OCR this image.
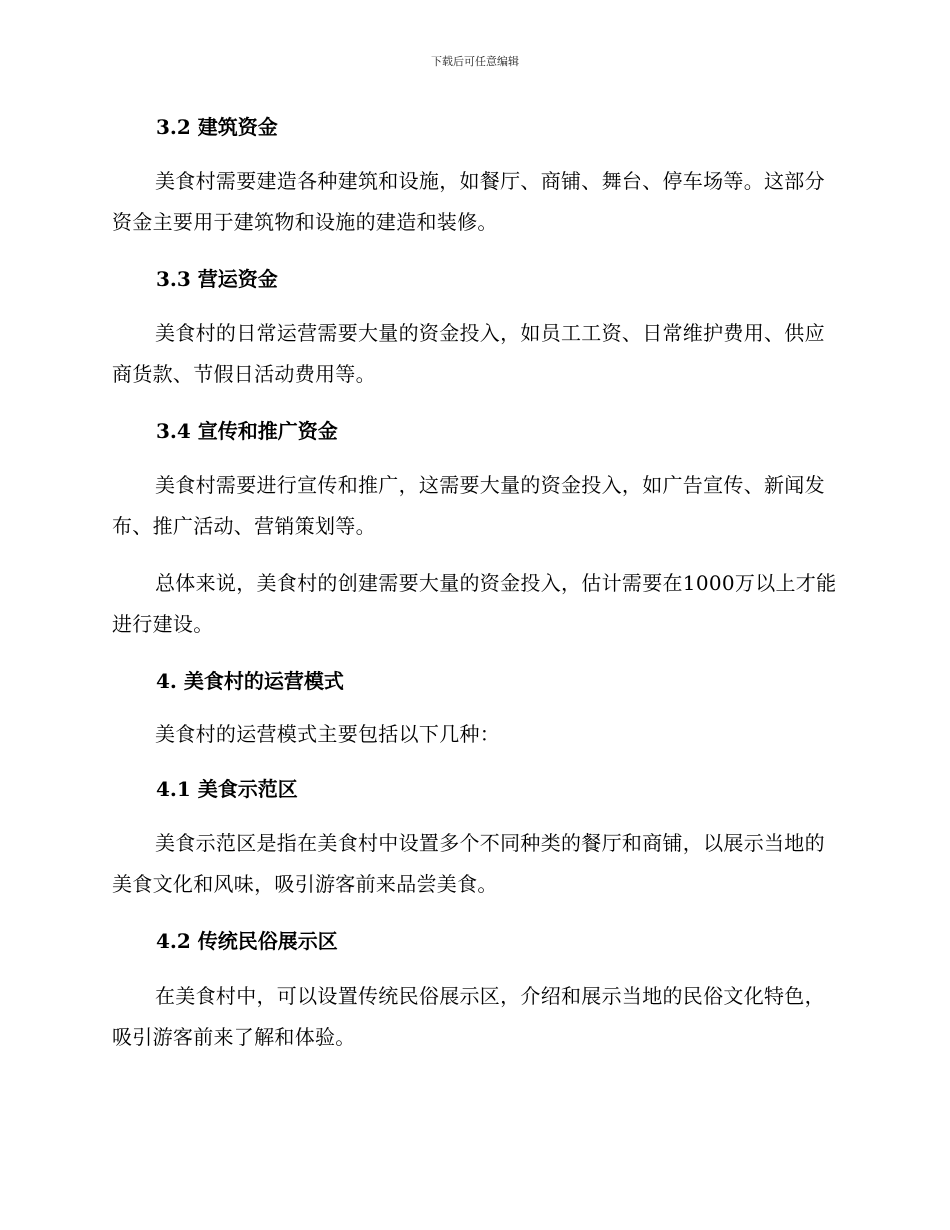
下载后可任意编辑
3.2 建筑资金
美食村需要建造各种建筑和设施，如餐厅、商铺、舞台、停车场等。这部分资金主要用于建筑物和设施的建造和装修。
3.3 营运资金
美食村的日常运营需要大量的资金投入，如员工工资、日常维护费用、供应商货款、节假日活动费用等。
3.4 宣传和推广资金
美食村需要进行宣传和推广，这需要大量的资金投入，如广告宣传、新闻发布、推广活动、营销策划等。
总体来说，美食村的创建需要大量的资金投入，估计需要在1000万以上才能进行建设。
4. 美食村的运营模式
美食村的运营模式主要包括以下几种：
4.1 美食示范区
美食示范区是指在美食村中设置多个不同种类的餐厅和商铺，以展示当地的美食文化和风味，吸引游客前来品尝美食。
4.2 传统民俗展示区
在美食村中，可以设置传统民俗展示区，介绍和展示当地的民俗文化特色，吸引游客前来了解和体验。
